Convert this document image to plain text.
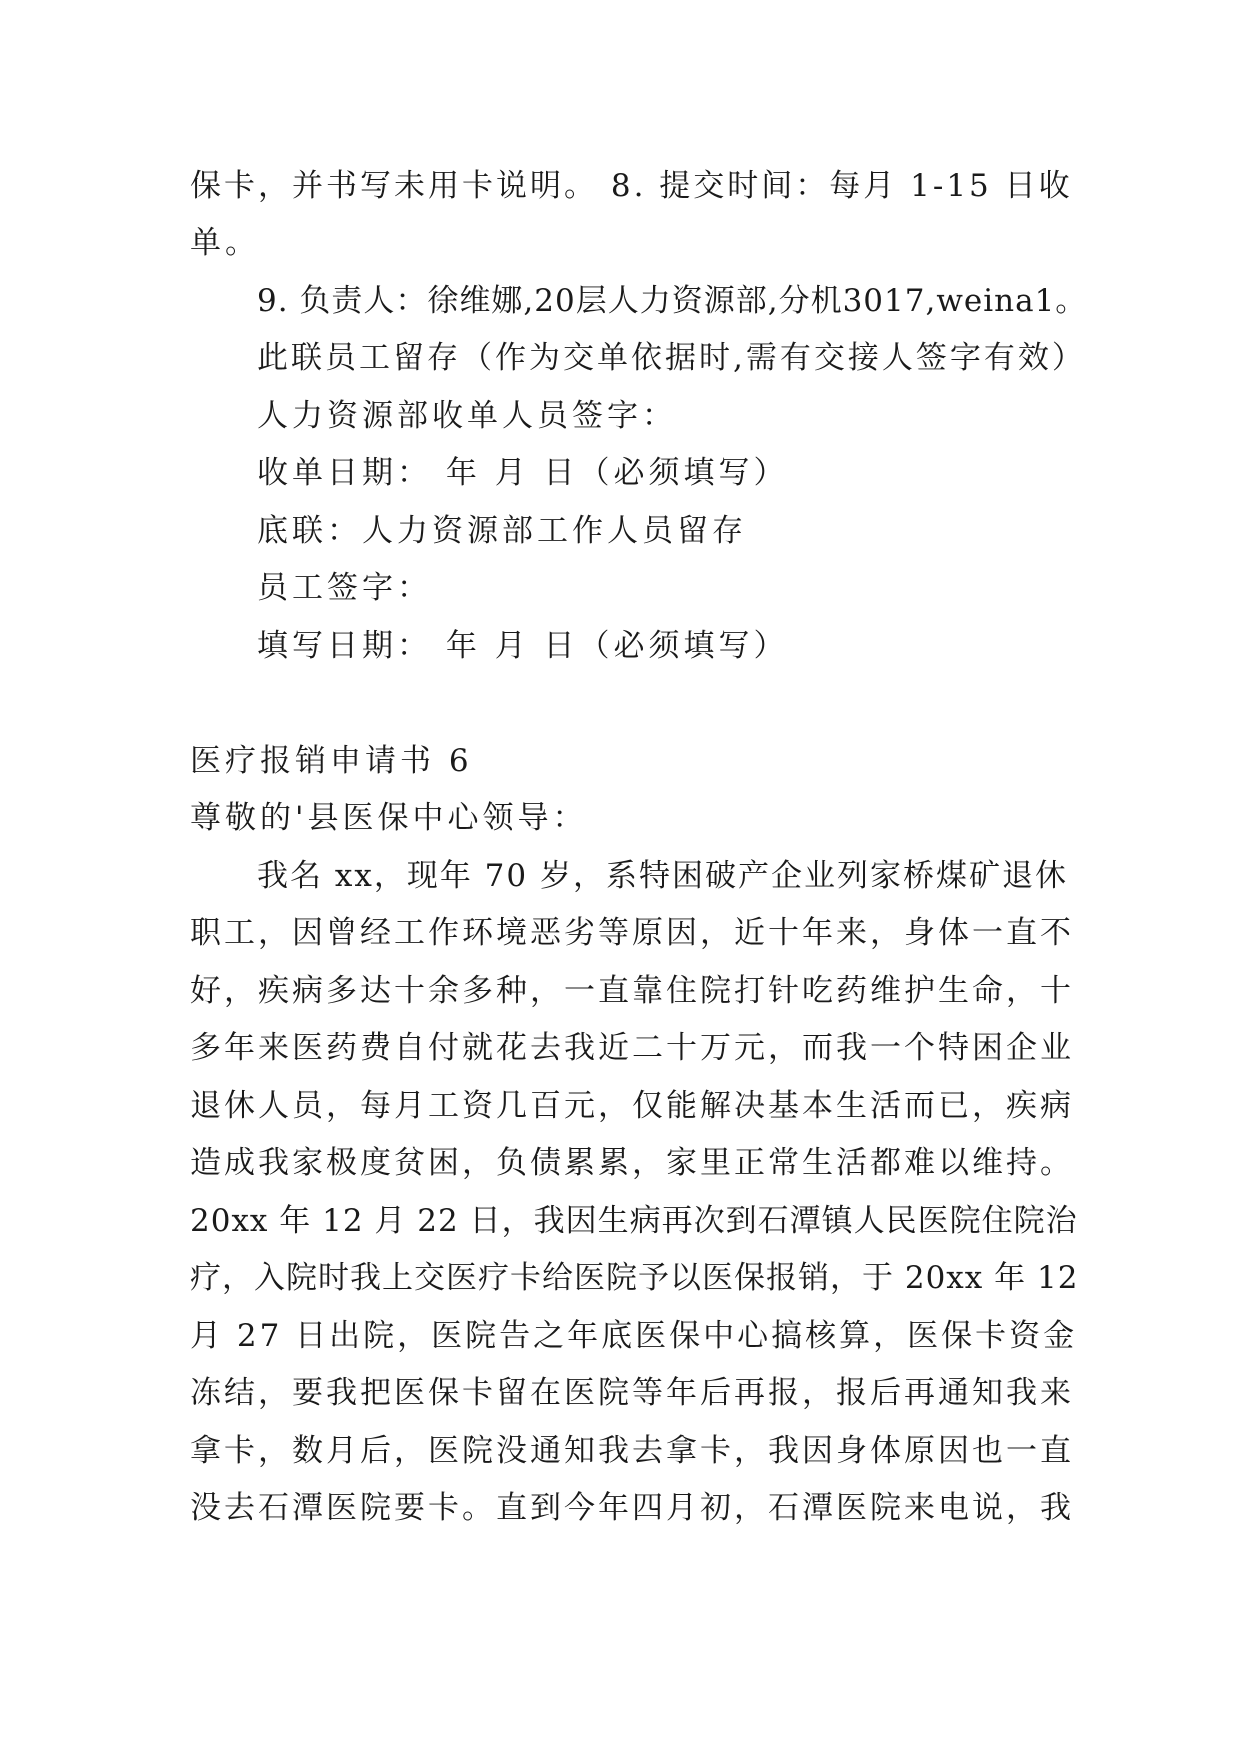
保卡，并书写未用卡说明。 8. 提交时间：每月 1-15 日收
单。
9. 负责人：徐维娜,20层人力资源部,分机3017,weina1。
此联员工留存（作为交单依据时,需有交接人签字有效）
人力资源部收单人员签字：
收单日期： 年 月 日（必须填写）
底联：人力资源部工作人员留存
员工签字：
填写日期： 年 月 日（必须填写）
医疗报销申请书 6
尊敬的'县医保中心领导：
我名 xx，现年 70 岁，系特困破产企业列家桥煤矿退休
职工，因曾经工作环境恶劣等原因，近十年来，身体一直不
好，疾病多达十余多种，一直靠住院打针吃药维护生命，十
多年来医药费自付就花去我近二十万元，而我一个特困企业
退休人员，每月工资几百元，仅能解决基本生活而已，疾病
造成我家极度贫困，负债累累，家里正常生活都难以维持。
20xx 年 12 月 22 日，我因生病再次到石潭镇人民医院住院治
疗，入院时我上交医疗卡给医院予以医保报销，于 20xx 年 12
月 27 日出院，医院告之年底医保中心搞核算，医保卡资金
冻结，要我把医保卡留在医院等年后再报，报后再通知我来
拿卡，数月后，医院没通知我去拿卡，我因身体原因也一直
没去石潭医院要卡。直到今年四月初，石潭医院来电说，我
